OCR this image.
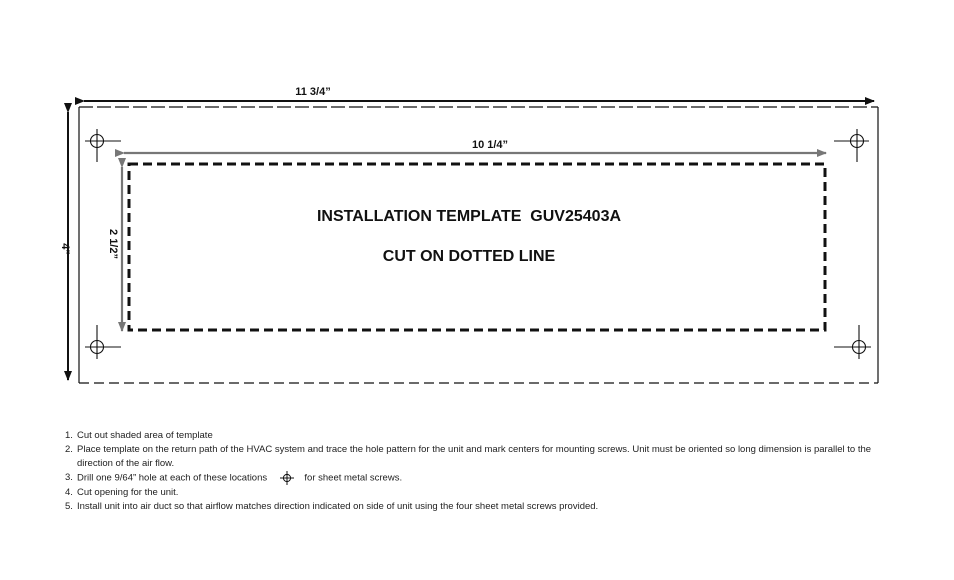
11 3/4”
4”
10 1/4”
2 1/2”
INSTALLATION TEMPLATE  GUV25403A
CUT ON DOTTED LINE
1. Cut out shaded area of template
2. Place template on the return path of the HVAC system and trace the hole pattern for the unit and mark centers for mounting screws. Unit must be oriented so long dimension is parallel to the direction of the air flow.
3. Drill one 9/64” hole at each of these locations	for sheet metal screws.
4. Cut opening for the unit.
5. Install unit into air duct so that airflow matches direction indicated on side of unit using the four sheet metal screws provided.
